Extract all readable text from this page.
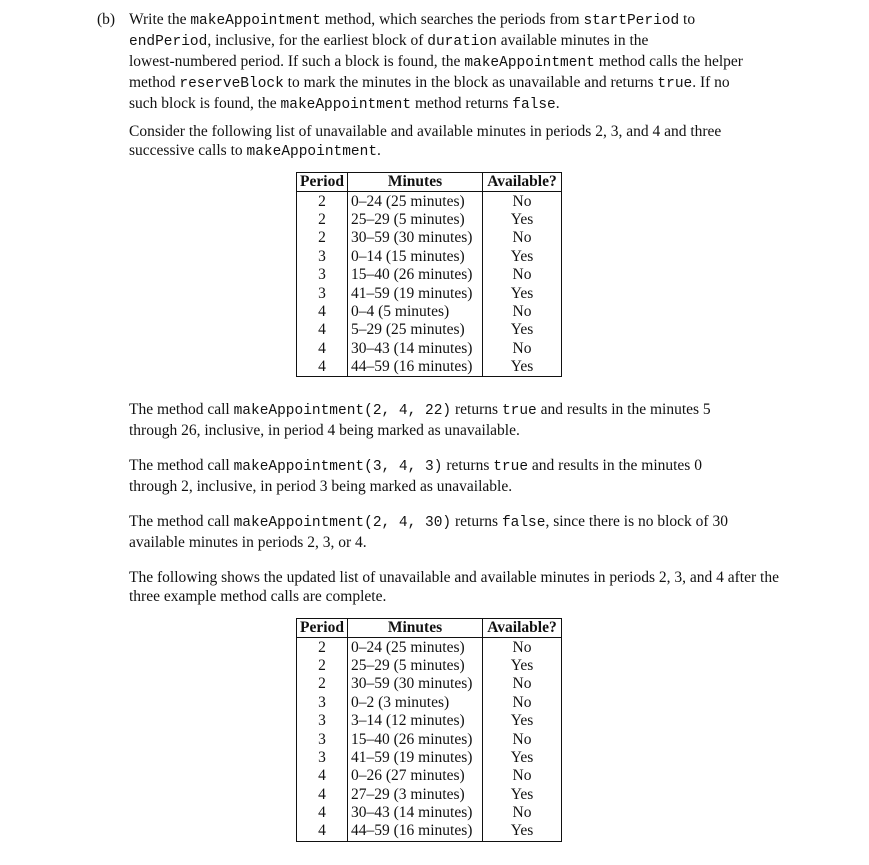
(b) Write the makeAppointment method, which searches the periods from startPeriod to
endPeriod, inclusive, for the earliest block of duration available minutes in the
lowest-numbered period. If such a block is found, the makeAppointment method calls the helper
method reserveBlock to mark the minutes in the block as unavailable and returns true. If no
such block is found, the makeAppointment method returns false.
Consider the following list of unavailable and available minutes in periods 2, 3, and 4 and three
successive calls to makeAppointment.
Period	Minutes	Available?
2	0–24 (25 minutes)	No
2	25–29 (5 minutes)	Yes
2	30–59 (30 minutes)	No
3	0–14 (15 minutes)	Yes
3	15–40 (26 minutes)	No
3	41–59 (19 minutes)	Yes
4	0–4 (5 minutes)	No
4	5–29 (25 minutes)	Yes
4	30–43 (14 minutes)	No
4	44–59 (16 minutes)	Yes
The method call makeAppointment(2, 4, 22) returns true and results in the minutes 5
through 26, inclusive, in period 4 being marked as unavailable.
The method call makeAppointment(3, 4, 3) returns true and results in the minutes 0
through 2, inclusive, in period 3 being marked as unavailable.
The method call makeAppointment(2, 4, 30) returns false, since there is no block of 30
available minutes in periods 2, 3, or 4.
The following shows the updated list of unavailable and available minutes in periods 2, 3, and 4 after the
three example method calls are complete.
Period	Minutes	Available?
2	0–24 (25 minutes)	No
2	25–29 (5 minutes)	Yes
2	30–59 (30 minutes)	No
3	0–2 (3 minutes)	No
3	3–14 (12 minutes)	Yes
3	15–40 (26 minutes)	No
3	41–59 (19 minutes)	Yes
4	0–26 (27 minutes)	No
4	27–29 (3 minutes)	Yes
4	30–43 (14 minutes)	No
4	44–59 (16 minutes)	Yes
